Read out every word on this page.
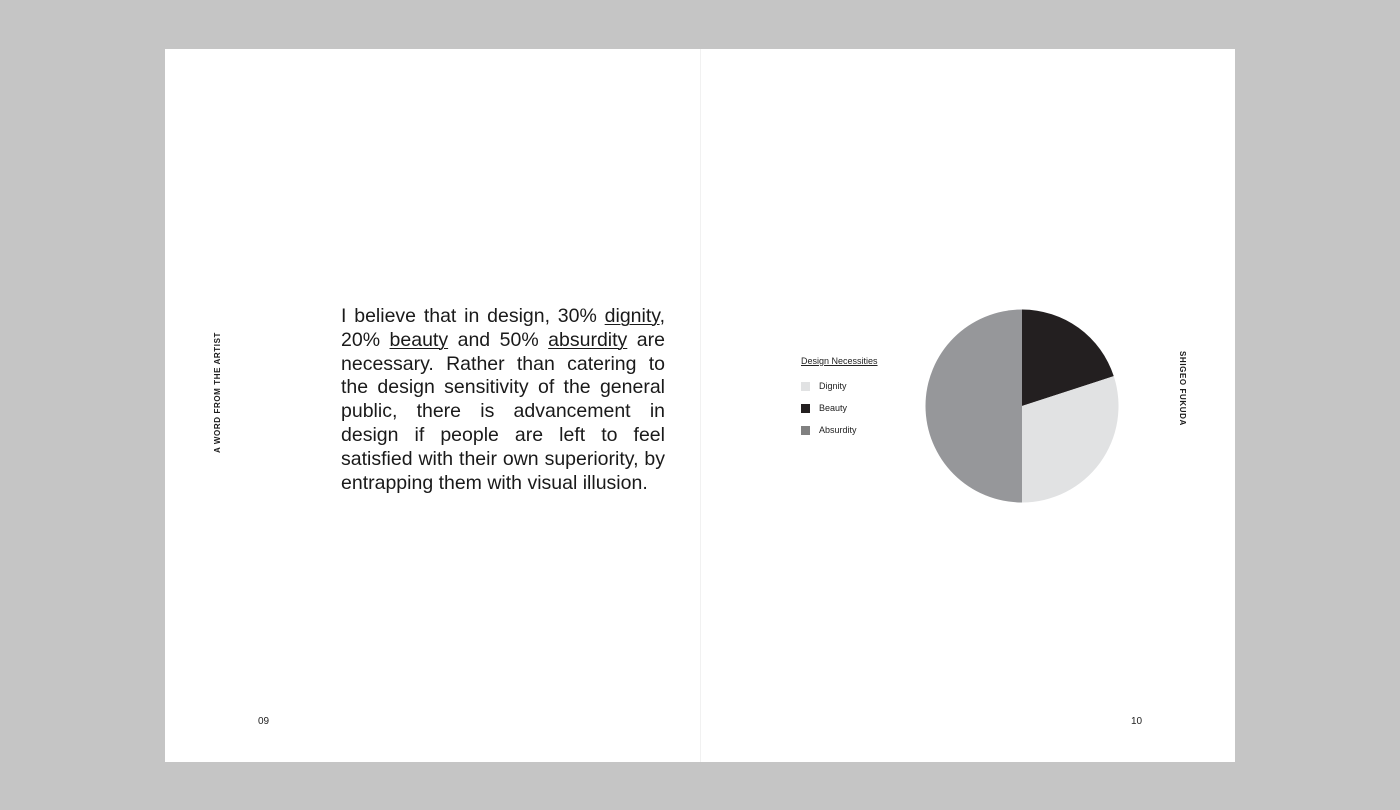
A WORD FROM THE ARTIST	SHIGEO FUKUDA

I believe that in design, 30% dignity, 20% beauty and 50% absurdity are necessary. Rather than catering to the design sensitivity of the general public, there is advancement in design if people are left to feel satisfied with their own superiority, by entrapping them with visual illusion.

09	10
Design Necessities
Dignity
Beauty
Absurdity
